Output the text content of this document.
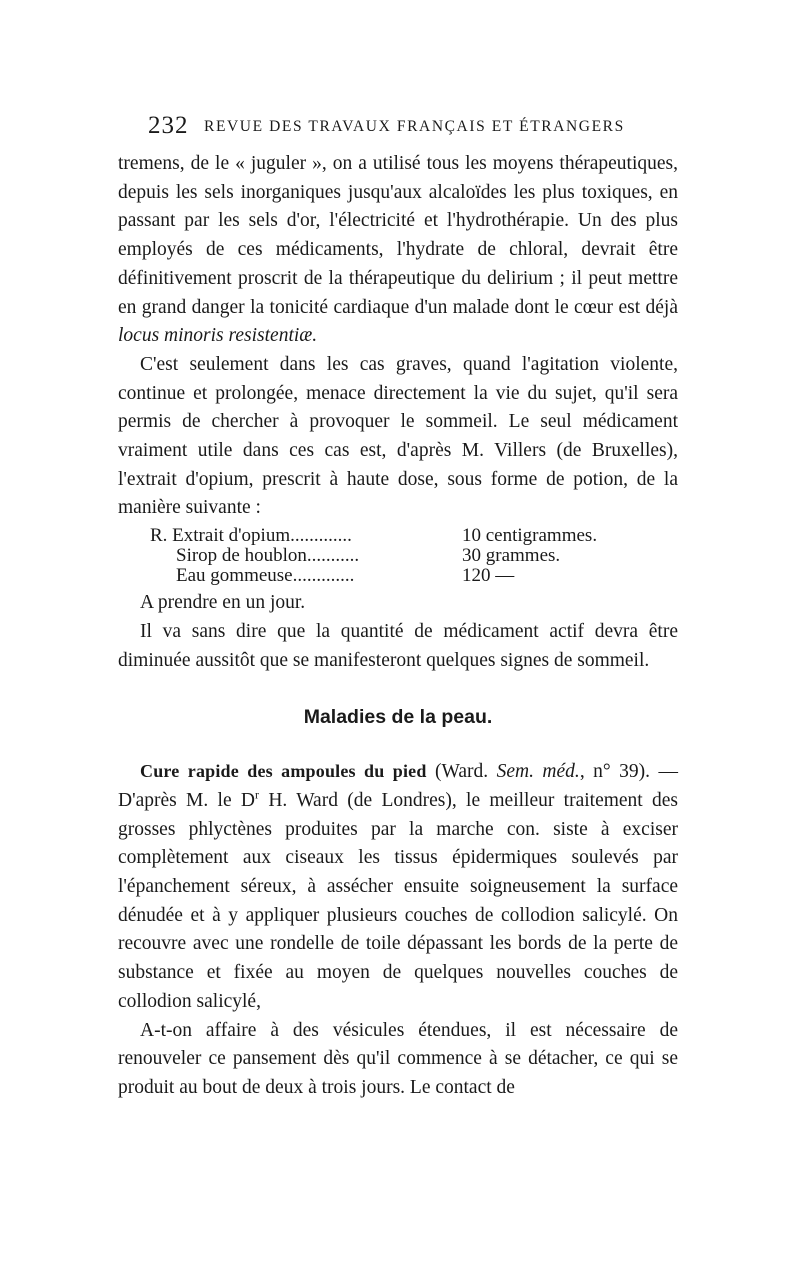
232 REVUE DES TRAVAUX FRANÇAIS ET ÉTRANGERS

tremens, de le « juguler », on a utilisé tous les moyens thérapeutiques, depuis les sels inorganiques jusqu'aux alcaloïdes les plus toxiques, en passant par les sels d'or, l'électricité et l'hydrothérapie. Un des plus employés de ces médicaments, l'hydrate de chloral, devrait être définitivement proscrit de la thérapeutique du delirium ; il peut mettre en grand danger la tonicité cardiaque d'un malade dont le cœur est déjà locus minoris resistentiæ.

C'est seulement dans les cas graves, quand l'agitation violente, continue et prolongée, menace directement la vie du sujet, qu'il sera permis de chercher à provoquer le sommeil. Le seul médicament vraiment utile dans ces cas est, d'après M. Villers (de Bruxelles), l'extrait d'opium, prescrit à haute dose, sous forme de potion, de la manière suivante :

R. Extrait d'opium.............	10 centigrammes.
Sirop de houblon...........	30 grammes.
Eau gommeuse.............	120 —

A prendre en un jour.

Il va sans dire que la quantité de médicament actif devra être diminuée aussitôt que se manifesteront quelques signes de sommeil.

Maladies de la peau.

Cure rapide des ampoules du pied (Ward. Sem. méd., n° 39). — D'après M. le $D^r$ H. Ward (de Londres), le meilleur traitement des grosses phlyctènes produites par la marche con. siste à exciser complètement aux ciseaux les tissus épidermiques soulevés par l'épanchement séreux, à assécher ensuite soigneusement la surface dénudée et à y appliquer plusieurs couches de collodion salicylé. On recouvre avec une rondelle de toile dépassant les bords de la perte de substance et fixée au moyen de quelques nouvelles couches de collodion salicylé,

A-t-on affaire à des vésicules étendues, il est nécessaire de renouveler ce pansement dès qu'il commence à se détacher, ce qui se produit au bout de deux à trois jours. Le contact de
